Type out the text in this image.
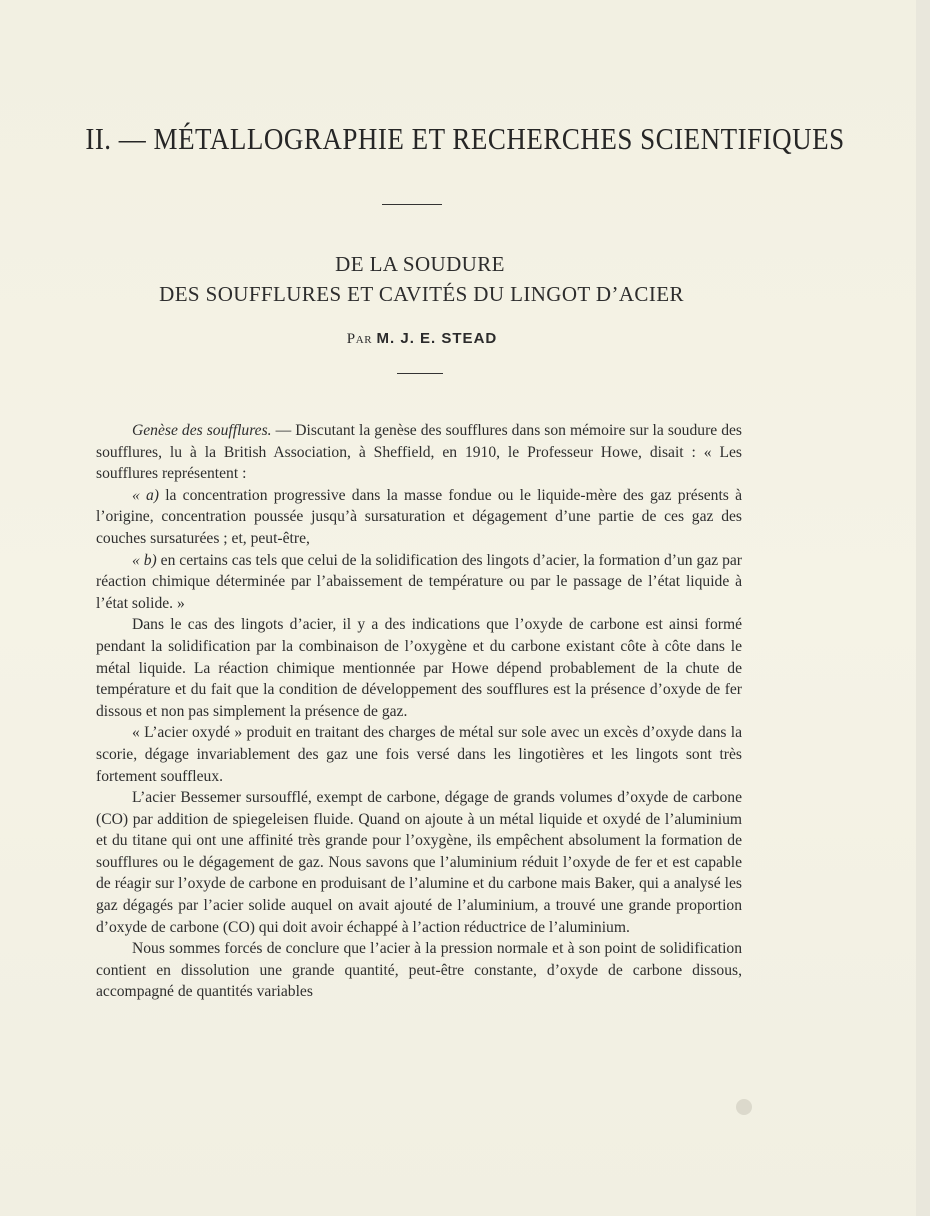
II. — MÉTALLOGRAPHIE ET RECHERCHES SCIENTIFIQUES
DE LA SOUDURE
DES SOUFFLURES ET CAVITÉS DU LINGOT D’ACIER
Par M. J. E. STEAD

Genèse des soufflures. — Discutant la genèse des soufflures dans son mémoire sur la soudure des soufflures, lu à la British Association, à Sheffield, en 1910, le Professeur Howe, disait : « Les soufflures représentent :

« a) la concentration progressive dans la masse fondue ou le liquide-mère des gaz présents à l’origine, concentration poussée jusqu’à sursaturation et dégagement d’une partie de ces gaz des couches sursaturées ; et, peut-être,

« b) en certains cas tels que celui de la solidification des lingots d’acier, la formation d’un gaz par réaction chimique déterminée par l’abaissement de température ou par le passage de l’état liquide à l’état solide. »

Dans le cas des lingots d’acier, il y a des indications que l’oxyde de carbone est ainsi formé pendant la solidification par la combinaison de l’oxygène et du carbone existant côte à côte dans le métal liquide. La réaction chimique mentionnée par Howe dépend probablement de la chute de température et du fait que la condition de développement des soufflures est la présence d’oxyde de fer dissous et non pas simplement la présence de gaz.

« L’acier oxydé » produit en traitant des charges de métal sur sole avec un excès d’oxyde dans la scorie, dégage invariablement des gaz une fois versé dans les lingotières et les lingots sont très fortement souffleux.

L’acier Bessemer sursoufflé, exempt de carbone, dégage de grands volumes d’oxyde de carbone (CO) par addition de spiegeleisen fluide. Quand on ajoute à un métal liquide et oxydé de l’aluminium et du titane qui ont une affinité très grande pour l’oxygène, ils empêchent absolument la formation de soufflures ou le dégagement de gaz. Nous savons que l’aluminium réduit l’oxyde de fer et est capable de réagir sur l’oxyde de carbone en produisant de l’alumine et du carbone mais Baker, qui a analysé les gaz dégagés par l’acier solide auquel on avait ajouté de l’aluminium, a trouvé une grande proportion d’oxyde de carbone (CO) qui doit avoir échappé à l’action réductrice de l’aluminium.

Nous sommes forcés de conclure que l’acier à la pression normale et à son point de solidification contient en dissolution une grande quantité, peut-être constante, d’oxyde de carbone dissous, accompagné de quantités variables
